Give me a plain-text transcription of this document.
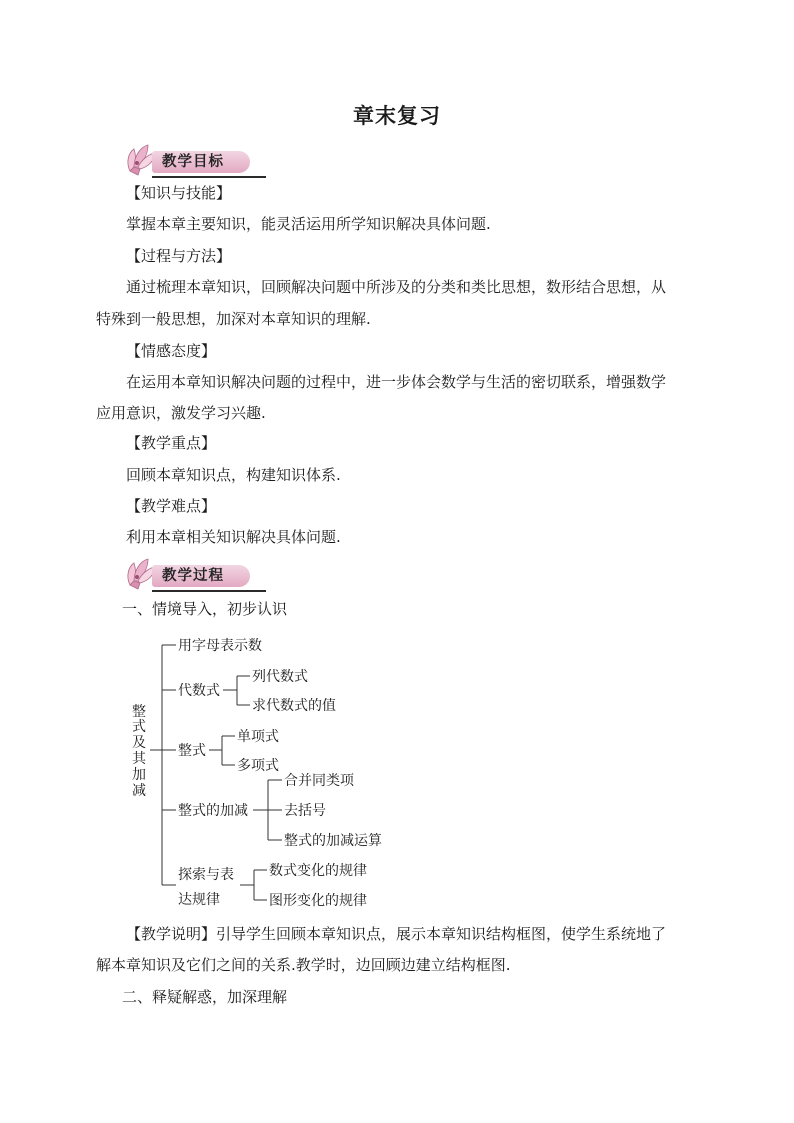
章末复习
教学目标
【知识与技能】
掌握本章主要知识，能灵活运用所学知识解决具体问题.
【过程与方法】
通过梳理本章知识，回顾解决问题中所涉及的分类和类比思想，数形结合思想，从
特殊到一般思想，加深对本章知识的理解.
【情感态度】
在运用本章知识解决问题的过程中，进一步体会数学与生活的密切联系，增强数学
应用意识，激发学习兴趣.
【教学重点】
回顾本章知识点，构建知识体系.
【教学难点】
利用本章相关知识解决具体问题.
教学过程
一、情境导入，初步认识
整
式
及
其
加
减
用字母表示数
代数式
整式
整式的加减
探索与表
达规律
列代数式
求代数式的值
单项式
多项式
合并同类项
去括号
整式的加减运算
数式变化的规律
图形变化的规律
【教学说明】引导学生回顾本章知识点，展示本章知识结构框图，使学生系统地了
解本章知识及它们之间的关系.教学时，边回顾边建立结构框图.
二、释疑解惑，加深理解
